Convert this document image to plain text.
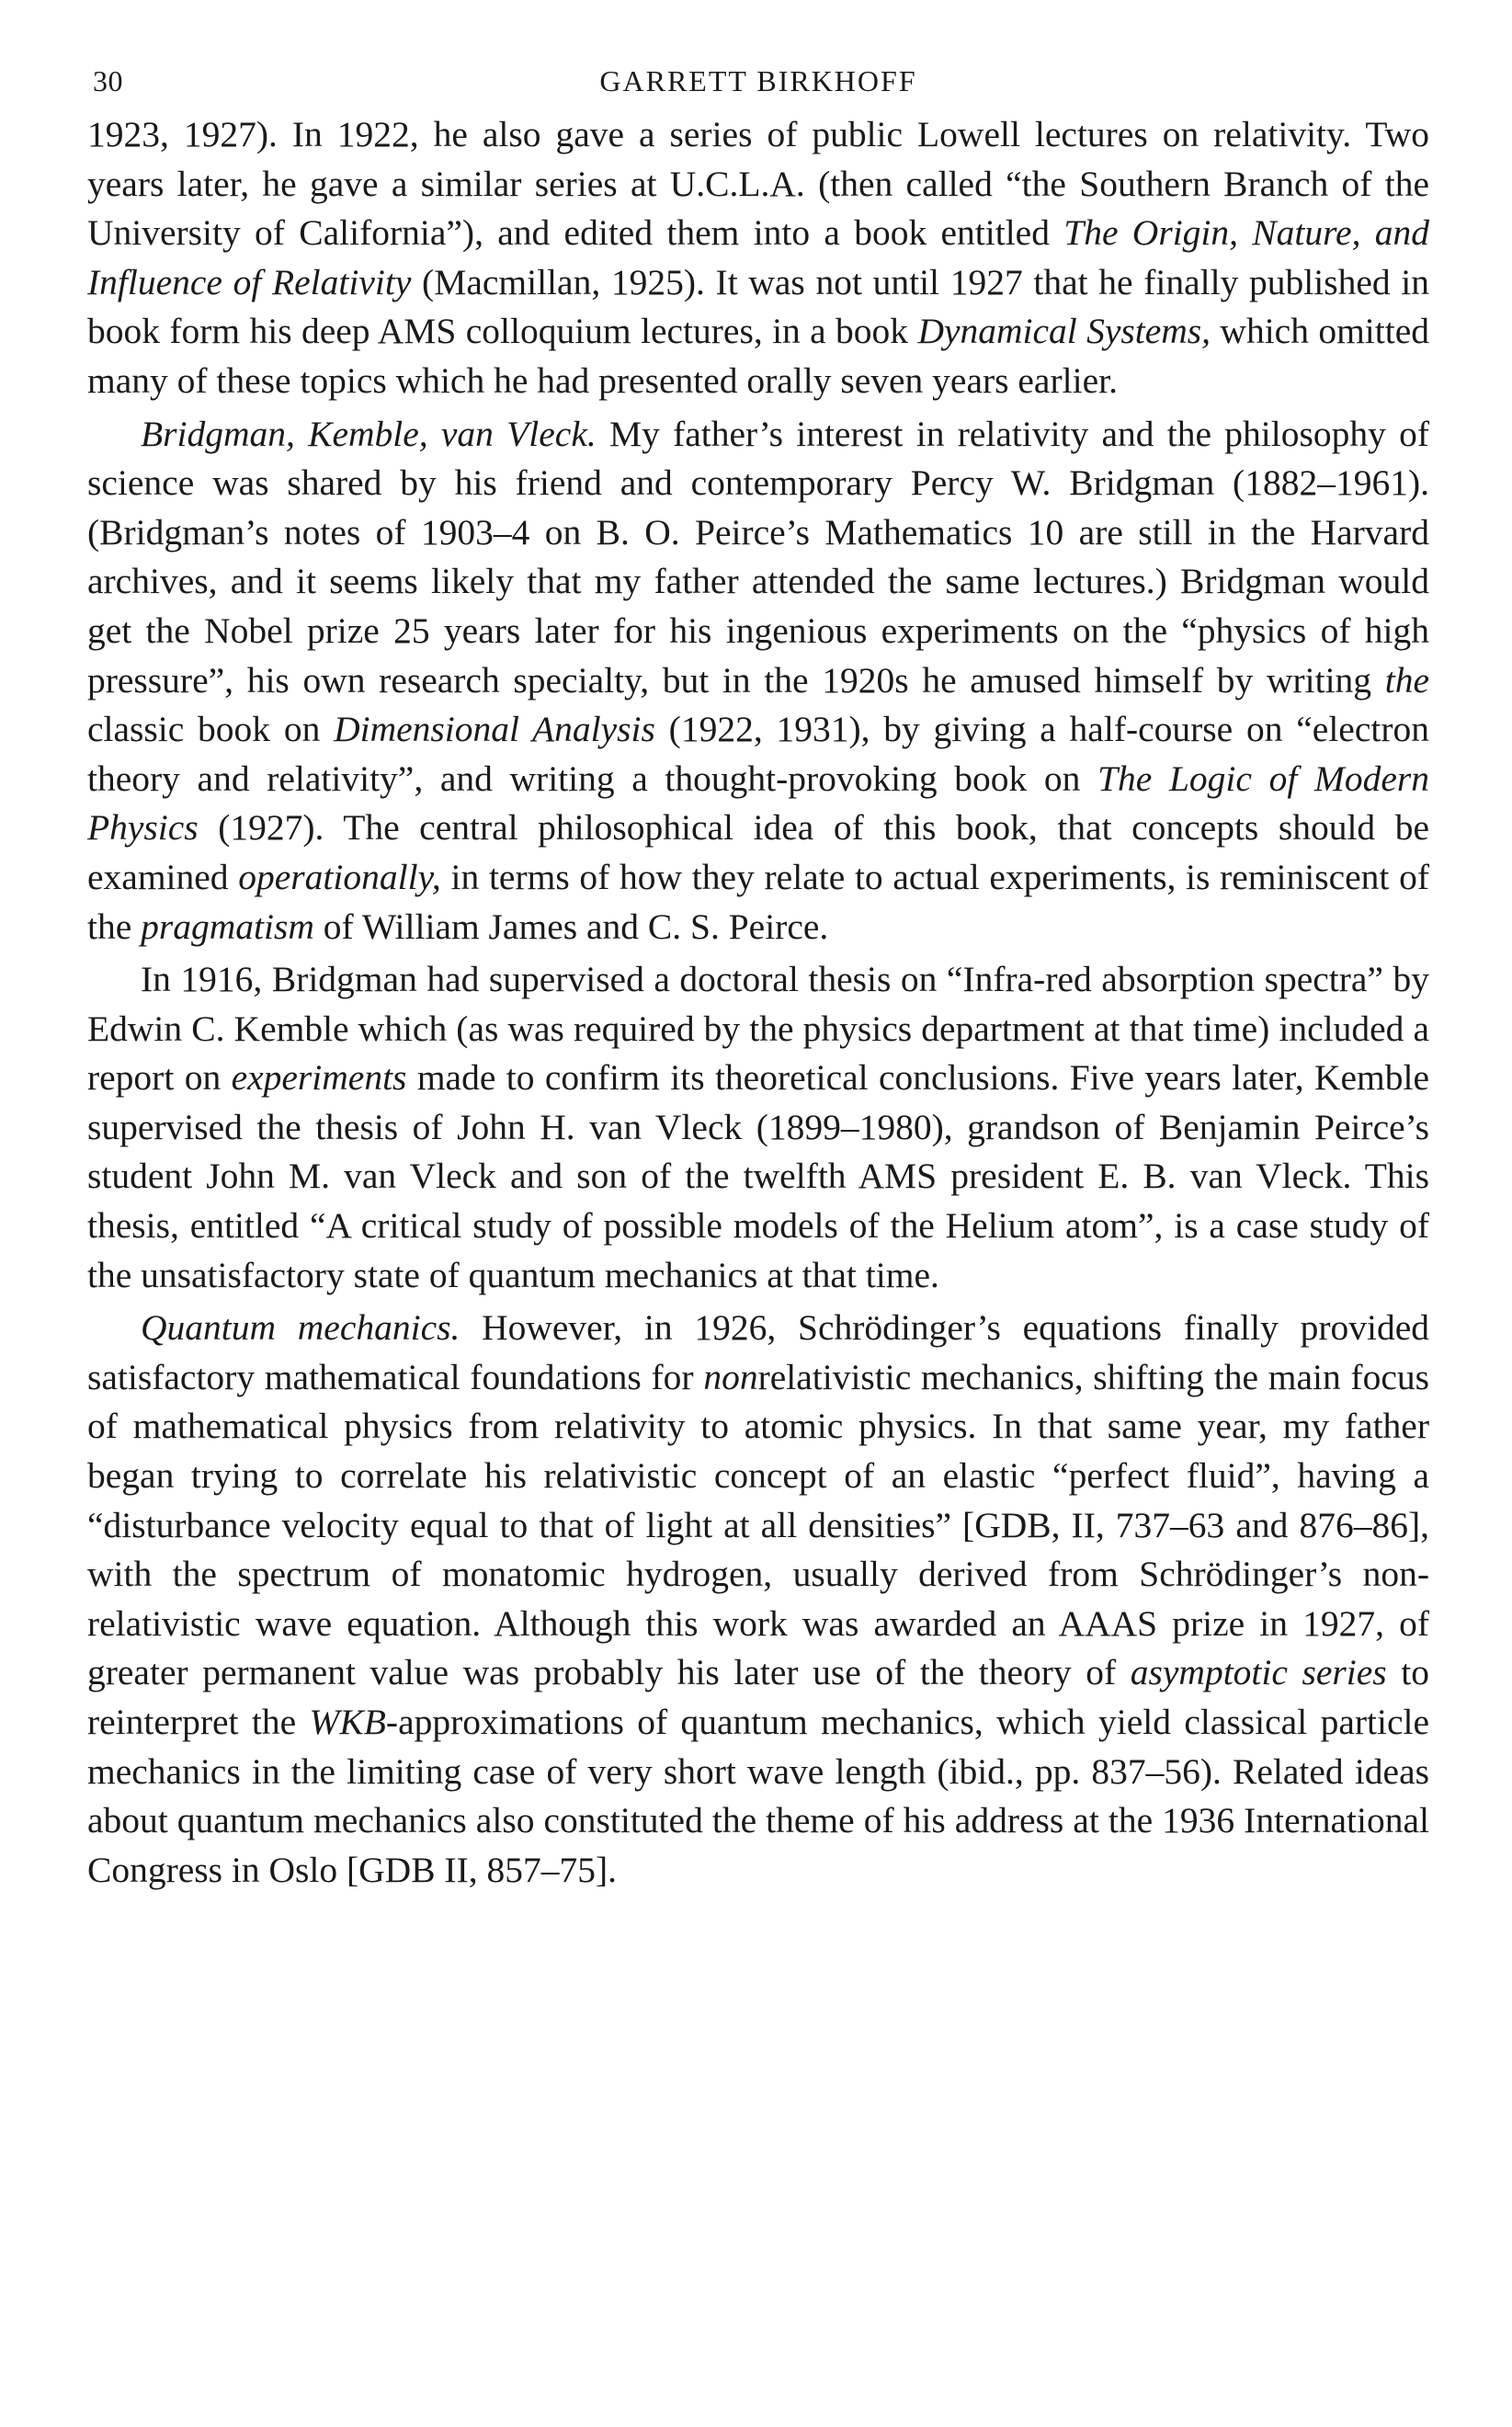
30	GARRETT BIRKHOFF

1923, 1927). In 1922, he also gave a series of public Lowell lectures on relativity. Two years later, he gave a similar series at U.C.L.A. (then called “the Southern Branch of the University of California”), and edited them into a book entitled The Origin, Nature, and Influence of Relativity (Macmillan, 1925). It was not until 1927 that he finally published in book form his deep AMS colloquium lectures, in a book Dynamical Systems, which omitted many of these topics which he had presented orally seven years earlier.

Bridgman, Kemble, van Vleck. My father’s interest in relativity and the philosophy of science was shared by his friend and contemporary Percy W. Bridgman (1882–1961). (Bridgman’s notes of 1903–4 on B. O. Peirce’s Mathematics 10 are still in the Harvard archives, and it seems likely that my father attended the same lectures.) Bridgman would get the Nobel prize 25 years later for his ingenious experiments on the “physics of high pressure”, his own research specialty, but in the 1920s he amused himself by writing the classic book on Dimensional Analysis (1922, 1931), by giving a half-course on “electron theory and relativity”, and writing a thought-provoking book on The Logic of Modern Physics (1927). The central philosophical idea of this book, that concepts should be examined operationally, in terms of how they relate to actual experiments, is reminiscent of the pragmatism of William James and C. S. Peirce.

In 1916, Bridgman had supervised a doctoral thesis on “Infra-red absorption spectra” by Edwin C. Kemble which (as was required by the physics department at that time) included a report on experiments made to confirm its theoretical conclusions. Five years later, Kemble supervised the thesis of John H. van Vleck (1899–1980), grandson of Benjamin Peirce’s student John M. van Vleck and son of the twelfth AMS president E. B. van Vleck. This thesis, entitled “A critical study of possible models of the Helium atom”, is a case study of the unsatisfactory state of quantum mechanics at that time.

Quantum mechanics. However, in 1926, Schrödinger’s equations finally provided satisfactory mathematical foundations for nonrelativistic mechanics, shifting the main focus of mathematical physics from relativity to atomic physics. In that same year, my father began trying to correlate his relativistic concept of an elastic “perfect fluid”, having a “disturbance velocity equal to that of light at all densities” [GDB, II, 737–63 and 876–86], with the spectrum of monatomic hydrogen, usually derived from Schrödinger’s non-relativistic wave equation. Although this work was awarded an AAAS prize in 1927, of greater permanent value was probably his later use of the theory of asymptotic series to reinterpret the WKB-approximations of quantum mechanics, which yield classical particle mechanics in the limiting case of very short wave length (ibid., pp. 837–56). Related ideas about quantum mechanics also constituted the theme of his address at the 1936 International Congress in Oslo [GDB II, 857–75].
